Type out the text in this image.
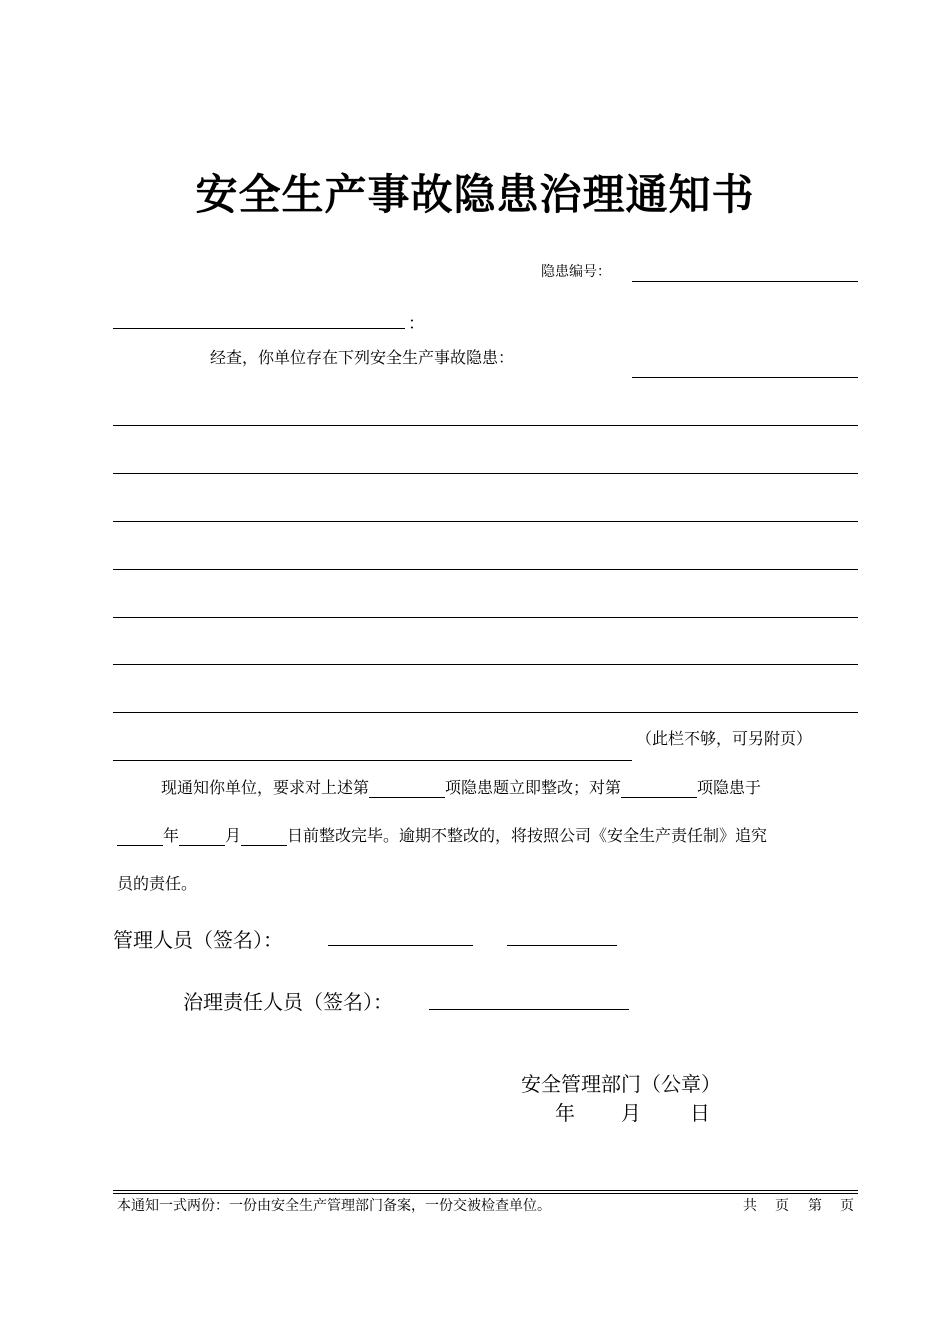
安全生产事故隐患治理通知书
隐患编号：
：
经查，你单位存在下列安全生产事故隐患：
（此栏不够，可另附页）
现通知你单位，要求对上述第	项隐患题立即整改；对第	项隐患于
年	月	日前整改完毕。逾期不整改的，将按照公司《安全生产责任制》追究
员的责任。
管理人员（签名）：
治理责任人员（签名）：
安全管理部门（公章）
年 月 日
本通知一式两份：一份由安全生产管理部门备案，一份交被检查单位。	共 页 第 页
